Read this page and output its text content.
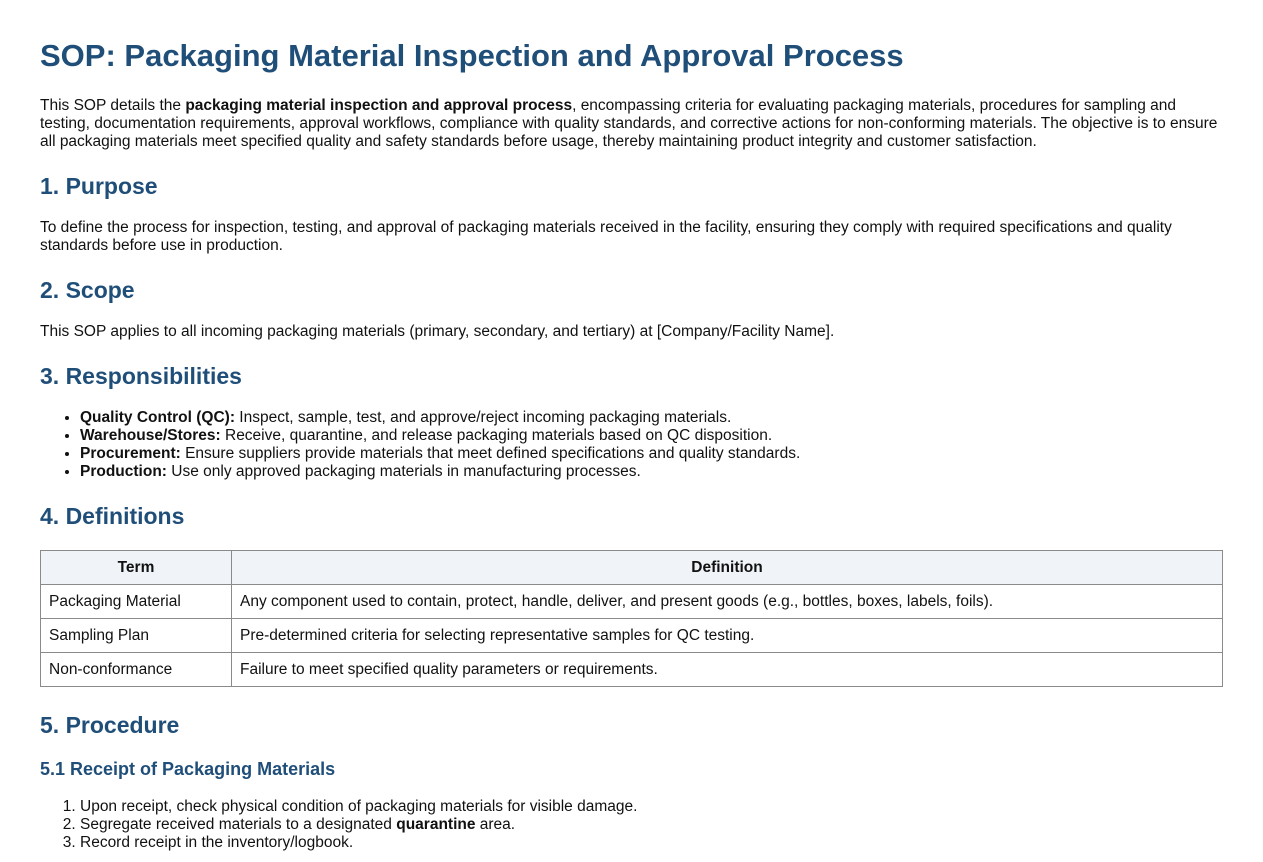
SOP: Packaging Material Inspection and Approval Process

This SOP details the packaging material inspection and approval process, encompassing criteria for evaluating packaging materials, procedures for sampling and testing, documentation requirements, approval workflows, compliance with quality standards, and corrective actions for non-conforming materials. The objective is to ensure all packaging materials meet specified quality and safety standards before usage, thereby maintaining product integrity and customer satisfaction.

1. Purpose

To define the process for inspection, testing, and approval of packaging materials received in the facility, ensuring they comply with required specifications and quality standards before use in production.

2. Scope

This SOP applies to all incoming packaging materials (primary, secondary, and tertiary) at [Company/Facility Name].

3. Responsibilities
• Quality Control (QC): Inspect, sample, test, and approve/reject incoming packaging materials.
• Warehouse/Stores: Receive, quarantine, and release packaging materials based on QC disposition.
• Procurement: Ensure suppliers provide materials that meet defined specifications and quality standards.
• Production: Use only approved packaging materials in manufacturing processes.
4. Definitions
Term	Definition
Packaging Material	Any component used to contain, protect, handle, deliver, and present goods (e.g., bottles, boxes, labels, foils).
Sampling Plan	Pre-determined criteria for selecting representative samples for QC testing.
Non-conformance	Failure to meet specified quality parameters or requirements.
5. Procedure
5.1 Receipt of Packaging Materials
1. Upon receipt, check physical condition of packaging materials for visible damage.
2. Segregate received materials to a designated quarantine area.
3. Record receipt in the inventory/logbook.
